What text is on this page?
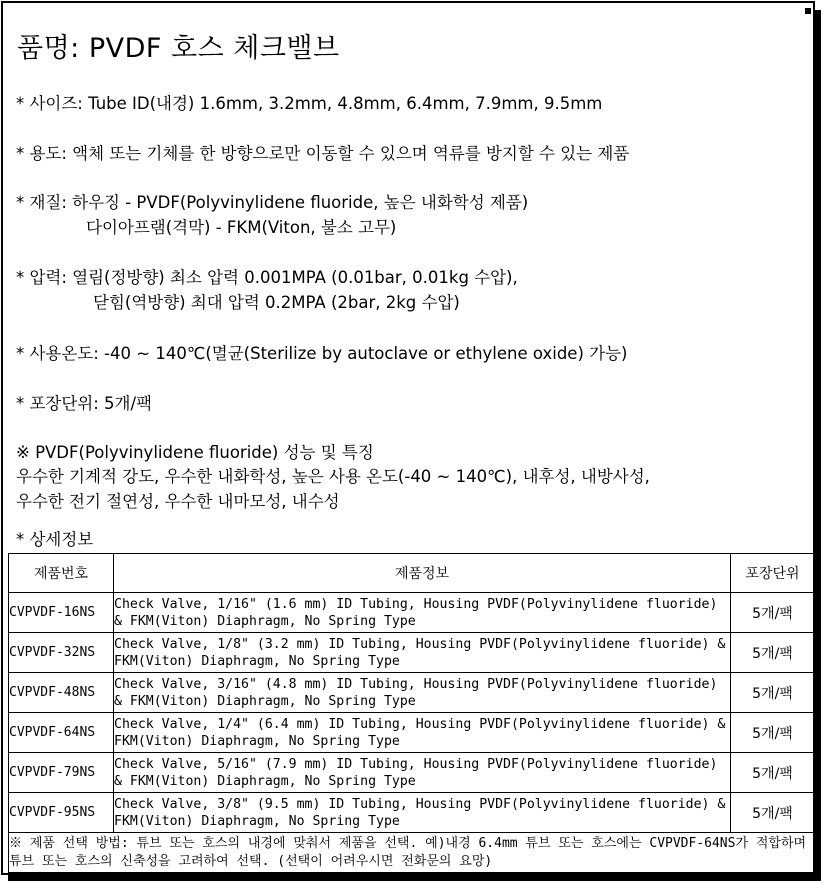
품명: PVDF 호스 체크밸브
* 사이즈: Tube ID(내경) 1.6mm, 3.2mm, 4.8mm, 6.4mm, 7.9mm, 9.5mm
* 용도: 액체 또는 기체를 한 방향으로만 이동할 수 있으며 역류를 방지할 수 있는 제품
* 재질: 하우징 - PVDF(Polyvinylidene fluoride, 높은 내화학성 제품)
다이아프램(격막) - FKM(Viton, 불소 고무)
* 압력: 열림(정방향) 최소 압력 0.001MPA (0.01bar, 0.01kg 수압),
닫힘(역방향) 최대 압력 0.2MPA (2bar, 2kg 수압)
* 사용온도: -40 ~ 140℃(멸균(Sterilize by autoclave or ethylene oxide) 가능)
* 포장단위: 5개/팩
※ PVDF(Polyvinylidene fluoride) 성능 및 특징
우수한 기계적 강도, 우수한 내화학성, 높은 사용 온도(-40 ~ 140℃), 내후성, 내방사성,
우수한 전기 절연성, 우수한 내마모성, 내수성
* 상세정보
제품번호	제품정보	포장단위
CVPVDF-16NS	Check Valve, 1/16" (1.6 mm) ID Tubing, Housing PVDF(Polyvinylidene fluoride) & FKM(Viton) Diaphragm, No Spring Type	5개/팩
CVPVDF-32NS	Check Valve, 1/8" (3.2 mm) ID Tubing, Housing PVDF(Polyvinylidene fluoride) & FKM(Viton) Diaphragm, No Spring Type	5개/팩
CVPVDF-48NS	Check Valve, 3/16" (4.8 mm) ID Tubing, Housing PVDF(Polyvinylidene fluoride) & FKM(Viton) Diaphragm, No Spring Type	5개/팩
CVPVDF-64NS	Check Valve, 1/4" (6.4 mm) ID Tubing, Housing PVDF(Polyvinylidene fluoride) & FKM(Viton) Diaphragm, No Spring Type	5개/팩
CVPVDF-79NS	Check Valve, 5/16" (7.9 mm) ID Tubing, Housing PVDF(Polyvinylidene fluoride) & FKM(Viton) Diaphragm, No Spring Type	5개/팩
CVPVDF-95NS	Check Valve, 3/8" (9.5 mm) ID Tubing, Housing PVDF(Polyvinylidene fluoride) & FKM(Viton) Diaphragm, No Spring Type	5개/팩
※ 제품 선택 방법: 튜브 또는 호스의 내경에 맞춰서 제품을 선택. 예)내경 6.4mm 튜브 또는 호스에는 CVPVDF-64NS가 적합하며 튜브 또는 호스의 신축성을 고려하여 선택. (선택이 어려우시면 전화문의 요망)		
